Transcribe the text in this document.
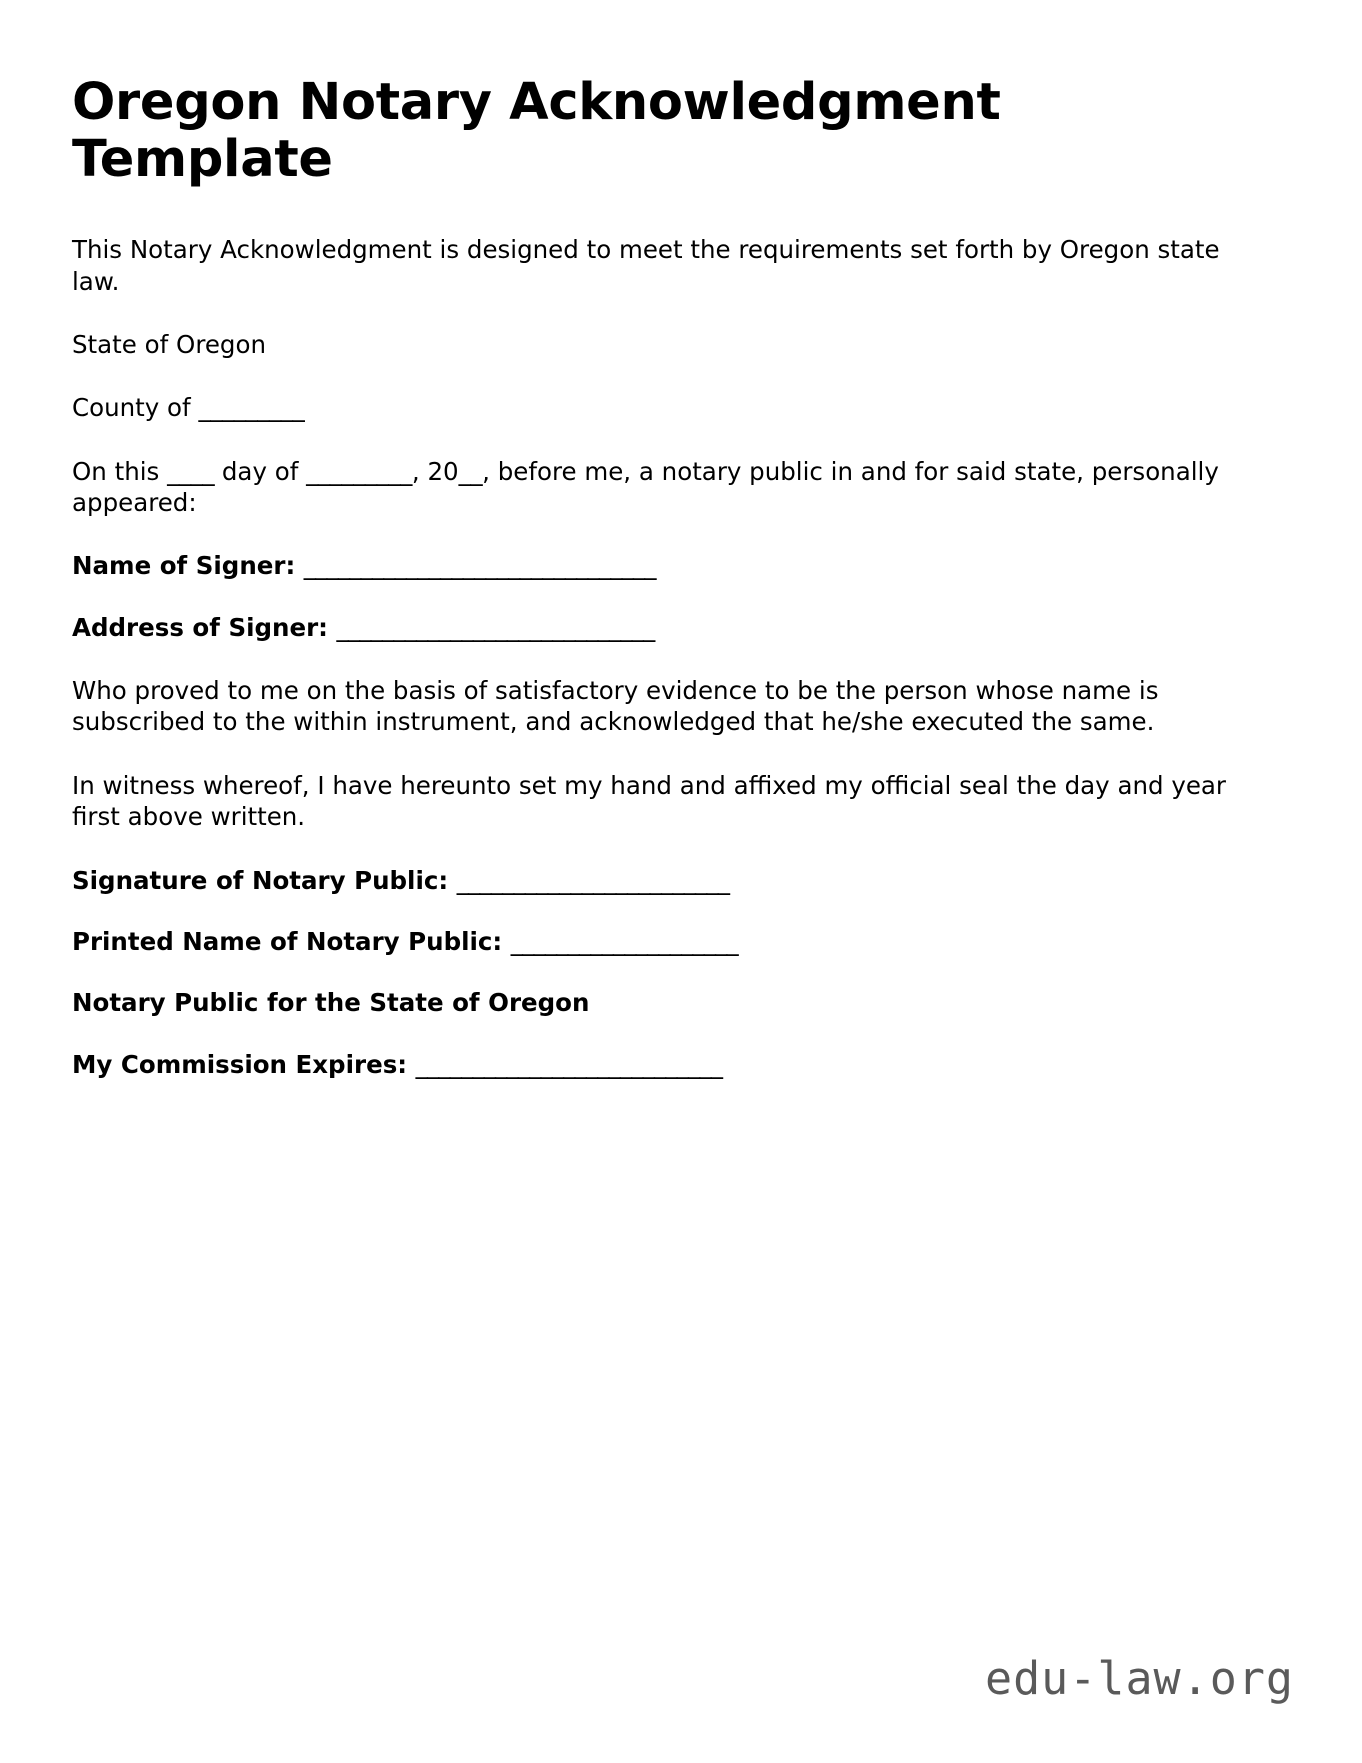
Oregon Notary Acknowledgment Template

This Notary Acknowledgment is designed to meet the requirements set forth by Oregon state law.

State of Oregon

County of _________

On this ____ day of _________, 20__, before me, a notary public in and for said state, personally appeared:

Name of Signer: _______________________________

Address of Signer: ____________________________

Who proved to me on the basis of satisfactory evidence to be the person whose name is subscribed to the within instrument, and acknowledged that he/she executed the same.

In witness whereof, I have hereunto set my hand and affixed my official seal the day and year first above written.

Signature of Notary Public: ________________________

Printed Name of Notary Public: ____________________

Notary Public for the State of Oregon

My Commission Expires: ___________________________

edu-law.org
